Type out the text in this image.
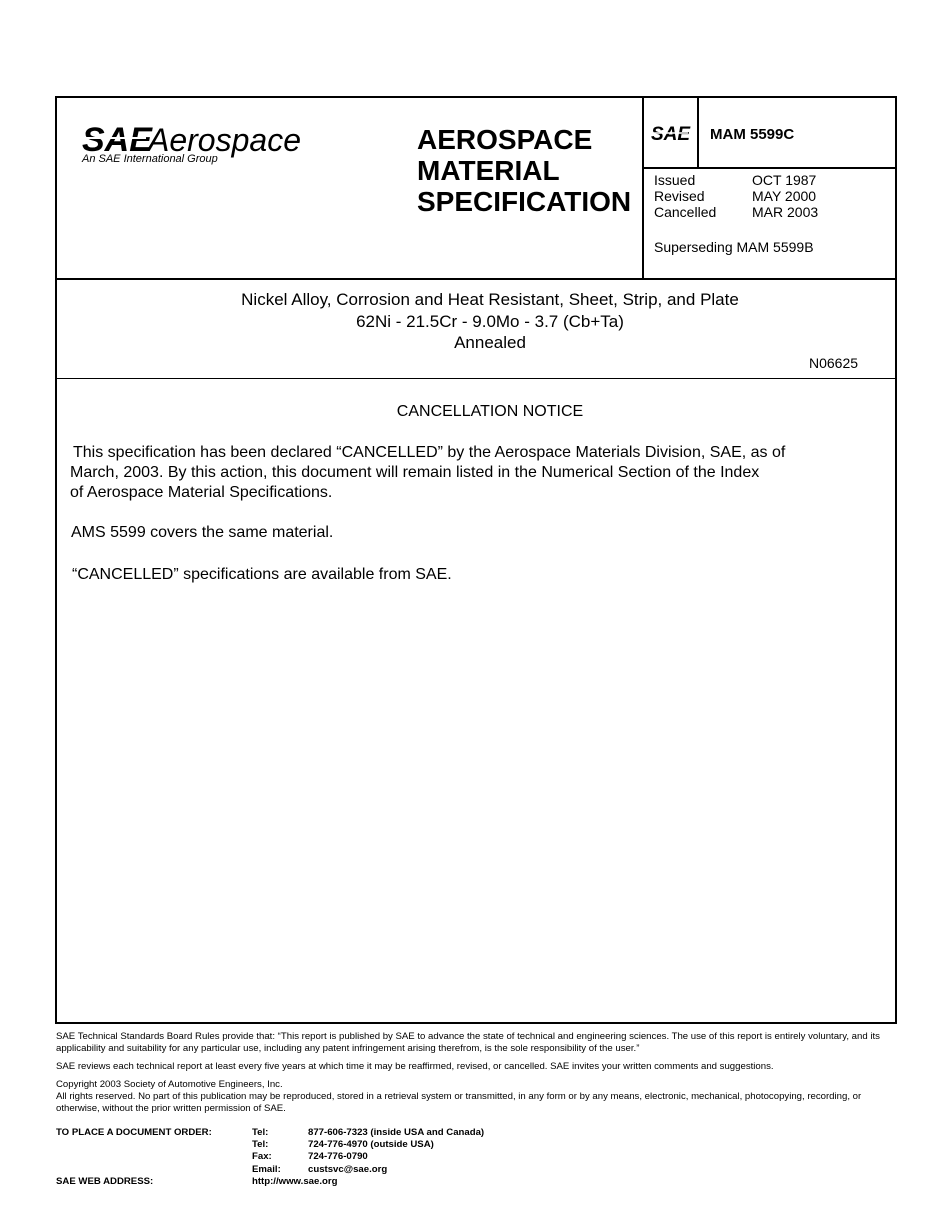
SAE
Aerospace
An SAE International Group
AEROSPACE
MATERIAL
SPECIFICATION
SAE MAM 5599C
Issued	OCT 1987
Revised	MAY 2000
Cancelled	MAR 2003
Superseding MAM 5599B
Nickel Alloy, Corrosion and Heat Resistant, Sheet, Strip, and Plate
62Ni - 21.5Cr - 9.0Mo - 3.7 (Cb+Ta)
Annealed
N06625
CANCELLATION NOTICE
This specification has been declared “CANCELLED” by the Aerospace Materials Division, SAE, as of
March, 2003. By this action, this document will remain listed in the Numerical Section of the Index
of Aerospace Material Specifications.
AMS 5599 covers the same material.
“CANCELLED” specifications are available from SAE.

SAE Technical Standards Board Rules provide that: “This report is published by SAE to advance the state of technical and engineering sciences. The use of this report is entirely voluntary, and its applicability and suitability for any particular use, including any patent infringement arising therefrom, is the sole responsibility of the user.”

SAE reviews each technical report at least every five years at which time it may be reaffirmed, revised, or cancelled. SAE invites your written comments and suggestions.

Copyright 2003 Society of Automotive Engineers, Inc.
All rights reserved. No part of this publication may be reproduced, stored in a retrieval system or transmitted, in any form or by any means, electronic, mechanical, photocopying, recording, or otherwise, without the prior written permission of SAE.
TO PLACE A DOCUMENT ORDER:	Tel:	877-606-7323 (inside USA and Canada)
Tel:	724-776-4970 (outside USA)
Fax:	724-776-0790
Email:	custsvc@sae.org
SAE WEB ADDRESS:	http://www.sae.org
